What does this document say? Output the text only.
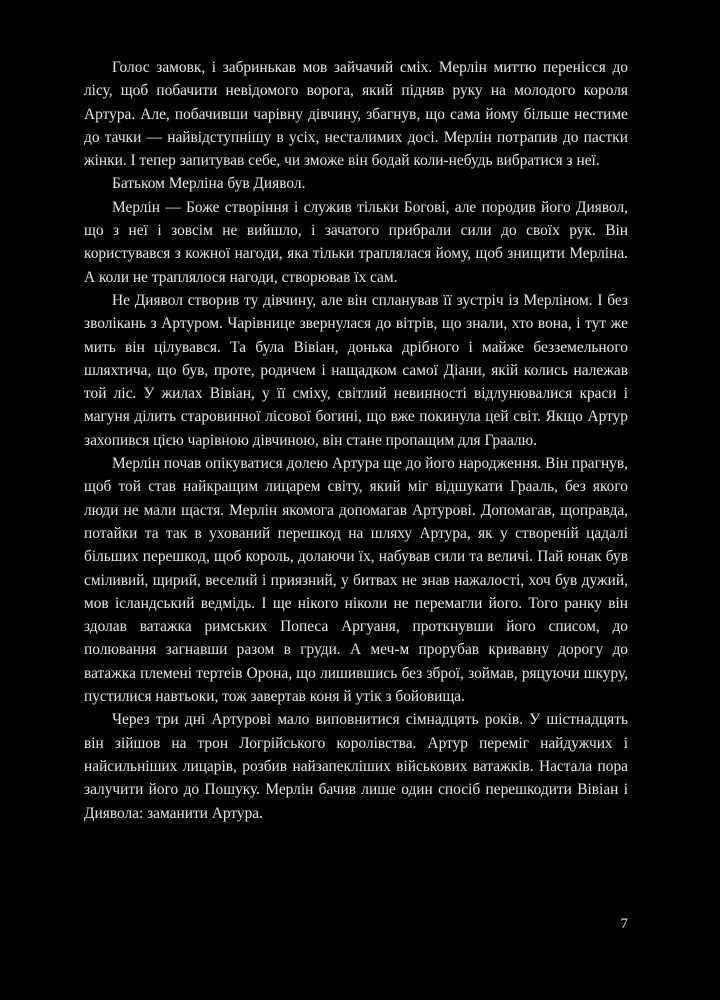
Голос замовк, і забринькав мов зайчачий сміх. Мерлін миттю перенісся до лісу, щоб побачити невідомого ворога, який підняв руку на молодого короля Артура. Але, побачивши чарівну дівчину, збагнув, що сама йому більше нестиме до тачки — найвідступнішу в усіх, несталимих досі. Мерлін потрапив до пастки жінки. І тепер запитував себе, чи зможе він бодай коли-небудь вибратися з неї.

Батьком Мерліна був Диявол.

Мерлін — Боже створіння і служив тільки Богові, але породив його Диявол, що з неї і зовсім не вийшло, і зачатого прибрали сили до своїх рук. Він користувався з кожної нагоди, яка тільки траплялася йому, щоб знищити Мерліна. А коли не траплялося нагоди, створював їх сам.

Не Диявол створив ту дівчину, але він спланував її зустріч із Мерліном. І без зволікань з Артуром. Чарівнице звернулася до вітрів, що знали, хто вона, і тут же мить він цілувався. Та була Вівіан, донька дрібного і майже безземельного шляхтича, що був, проте, родичем і нащадком самої Діани, якій колись належав той ліс. У жилах Вівіан, у її сміху, світлий невинності відлунювалися краси і магуня ділить старовинної лісової богині, що вже покинула цей світ. Якщо Артур захопився цією чарівною дівчиною, він стане пропащим для Граалю.

Мерлін почав опікуватися долею Артура ще до його народження. Він прагнув, щоб той став найкращим лицарем світу, який міг відшукати Грааль, без якого люди не мали щастя. Мерлін якомога допомагав Артурові. Допомагав, щоправда, потайки та так в ухований перешкод на шляху Артура, як у створеній цадалі більших перешкод, щоб король, долаючи їх, набував сили та величі. Пай юнак був сміливий, щирий, веселий і приязний, у битвах не знав нажалості, хоч був дужий, мов ісландський ведмідь. І ще нікого ніколи не перемагли його. Того ранку він здолав ватажка римських Попеса Аргуаня, проткнувши його списом, до полювання загнавши разом в груди. А меч-м прорубав кривавну дорогу до ватажка племені тертеів Орона, що лишившись без зброї, зоймав, ряцуючи шкуру, пустилися навтьоки, тож завертав коня й утік з бойовища.

Через три дні Артурові мало виповнитися сімнадцять років. У шістнадцять він зійшов на трон Логрійського королівства. Артур переміг найдужчих і найсильніших лицарів, розбив найзапекліших військових ватажків. Настала пора залучити його до Пошуку. Мерлін бачив лише один спосіб перешкодити Вівіан і Диявола: заманити Артура.

7
